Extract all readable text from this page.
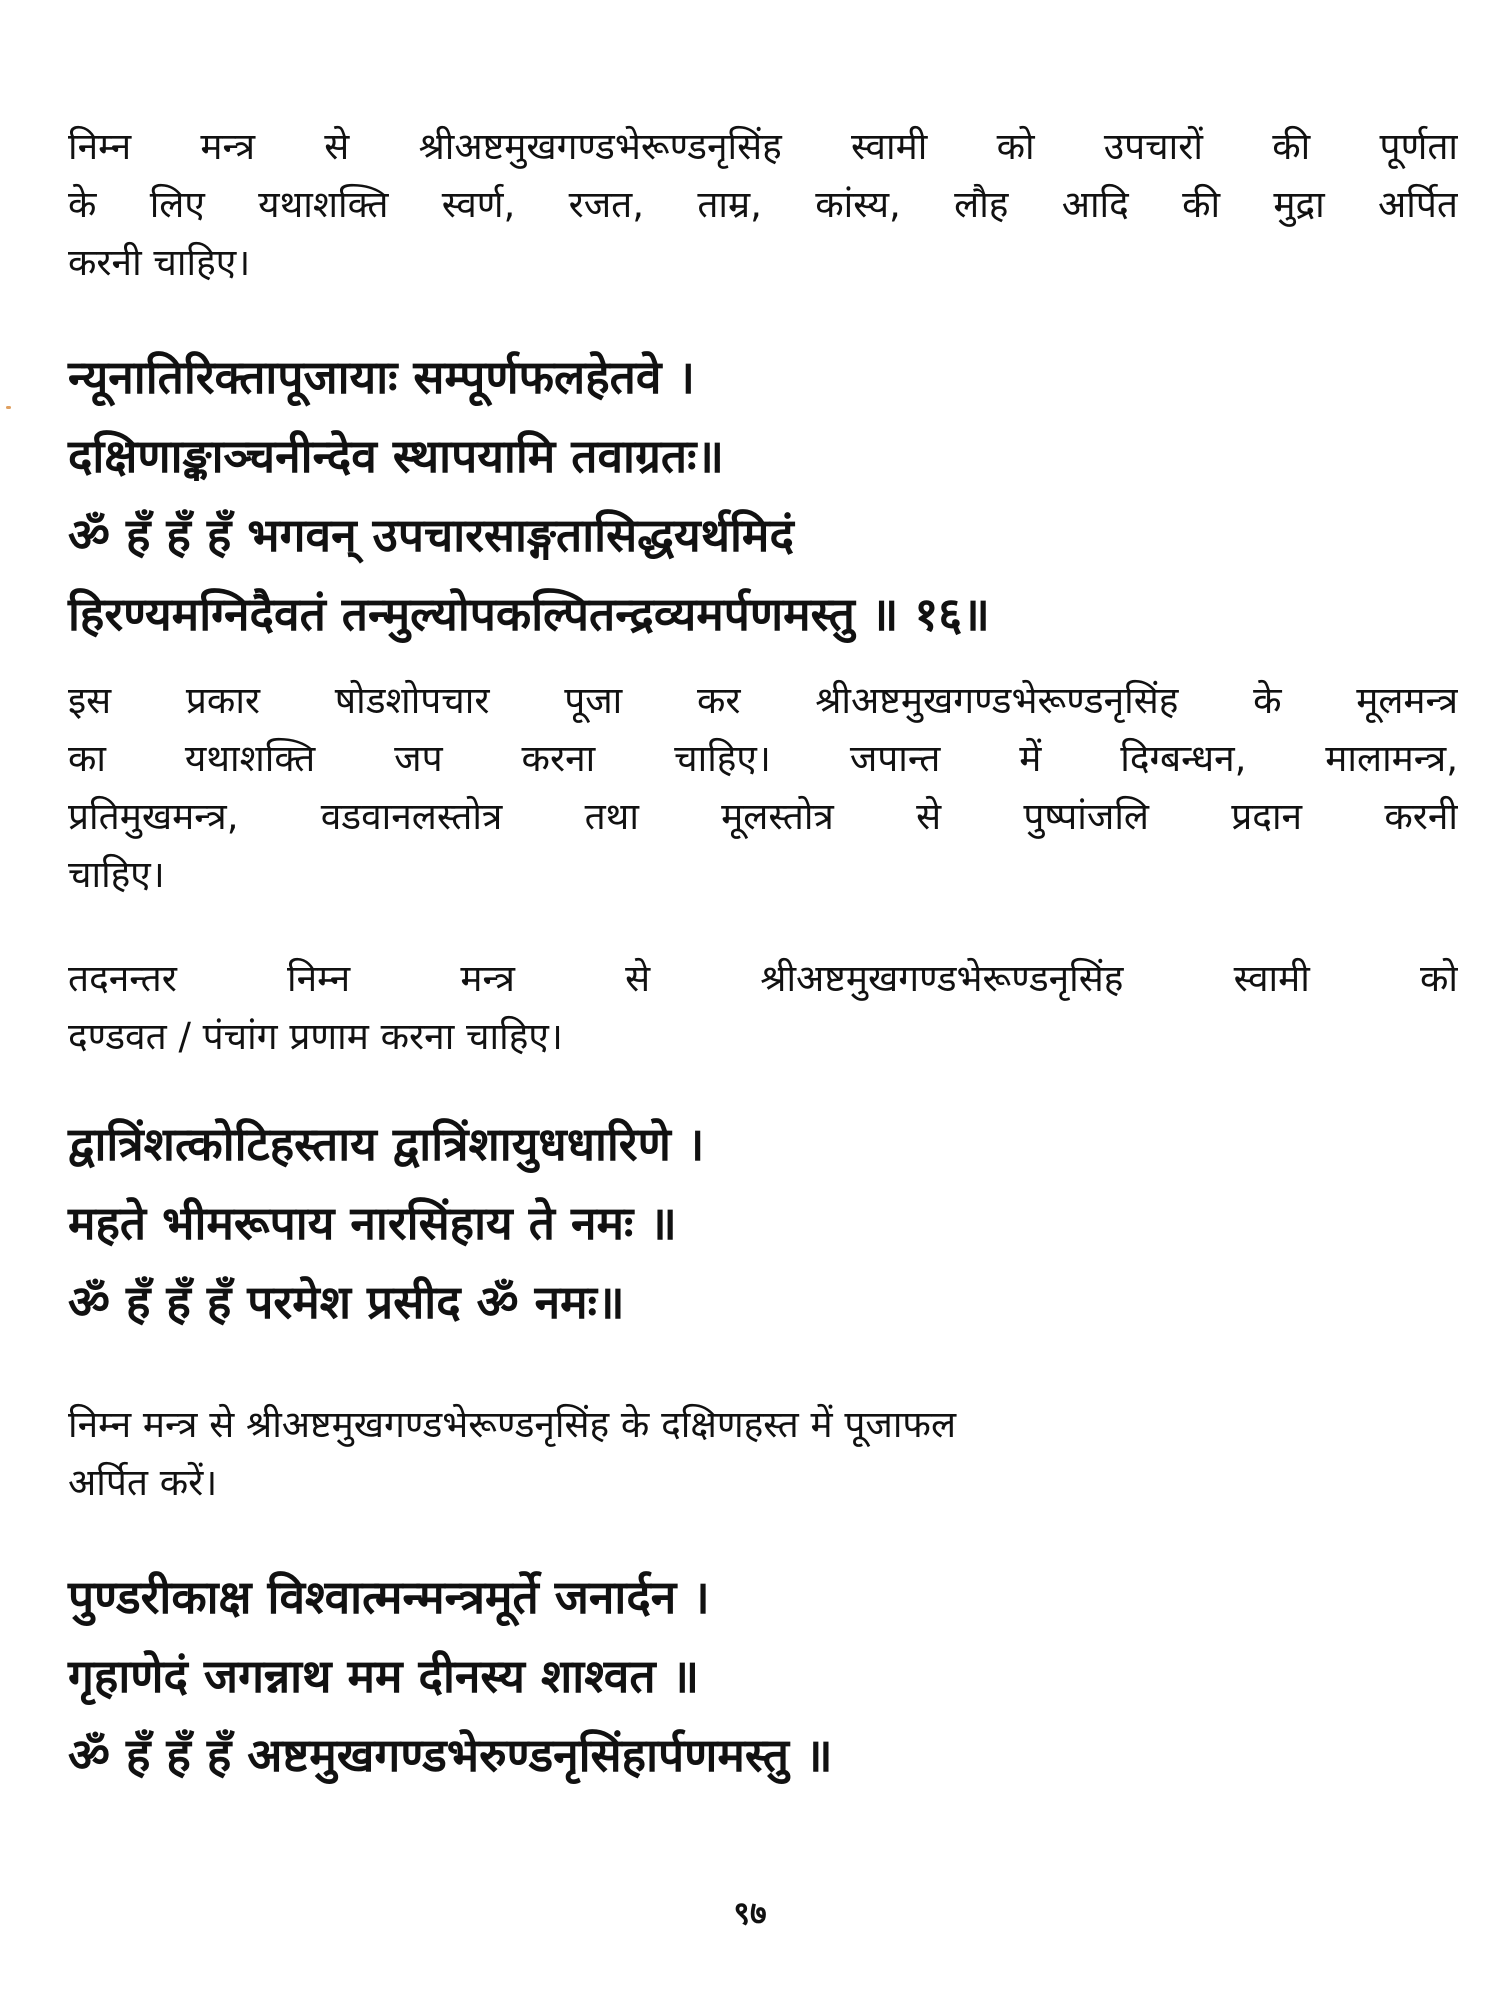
निम्न मन्त्र से श्रीअष्टमुखगण्डभेरूण्डनृसिंह स्वामी को उपचारों की पूर्णता
के लिए यथाशक्ति स्वर्ण, रजत, ताम्र, कांस्य, लौह आदि की मुद्रा अर्पित
करनी चाहिए।

न्यूनातिरिक्तापूजायाः सम्पूर्णफलहेतवे ।
दक्षिणाङ्काञ्चनीन्देव स्थापयामि तवाग्रतः॥
ॐ हँ हँ हँ भगवन् उपचारसाङ्गतासिद्धयर्थमिदं
हिरण्यमग्निदैवतं तन्मुल्योपकल्पितन्द्रव्यमर्पणमस्तु ॥ १६॥

इस प्रकार षोडशोपचार पूजा कर श्रीअष्टमुखगण्डभेरूण्डनृसिंह के मूलमन्त्र
का यथाशक्ति जप करना चाहिए। जपान्त में दिग्बन्धन, मालामन्त्र,
प्रतिमुखमन्त्र, वडवानलस्तोत्र तथा मूलस्तोत्र से पुष्पांजलि प्रदान करनी
चाहिए।

तदनन्तर निम्न मन्त्र से श्रीअष्टमुखगण्डभेरूण्डनृसिंह स्वामी को
दण्डवत / पंचांग प्रणाम करना चाहिए।

द्वात्रिंशत्कोटिहस्ताय द्वात्रिंशायुधधारिणे ।
महते भीमरूपाय नारसिंहाय ते नमः ॥
ॐ हँ हँ हँ परमेश प्रसीद ॐ नमः॥

निम्न मन्त्र से श्रीअष्टमुखगण्डभेरूण्डनृसिंह के दक्षिणहस्त में पूजाफल
अर्पित करें।

पुण्डरीकाक्ष विश्वात्मन्मन्त्रमूर्ते जनार्दन ।
गृहाणेदं जगन्नाथ मम दीनस्य शाश्वत ॥
ॐ हँ हँ हँ अष्टमुखगण्डभेरुण्डनृसिंहार्पणमस्तु ॥
९७
